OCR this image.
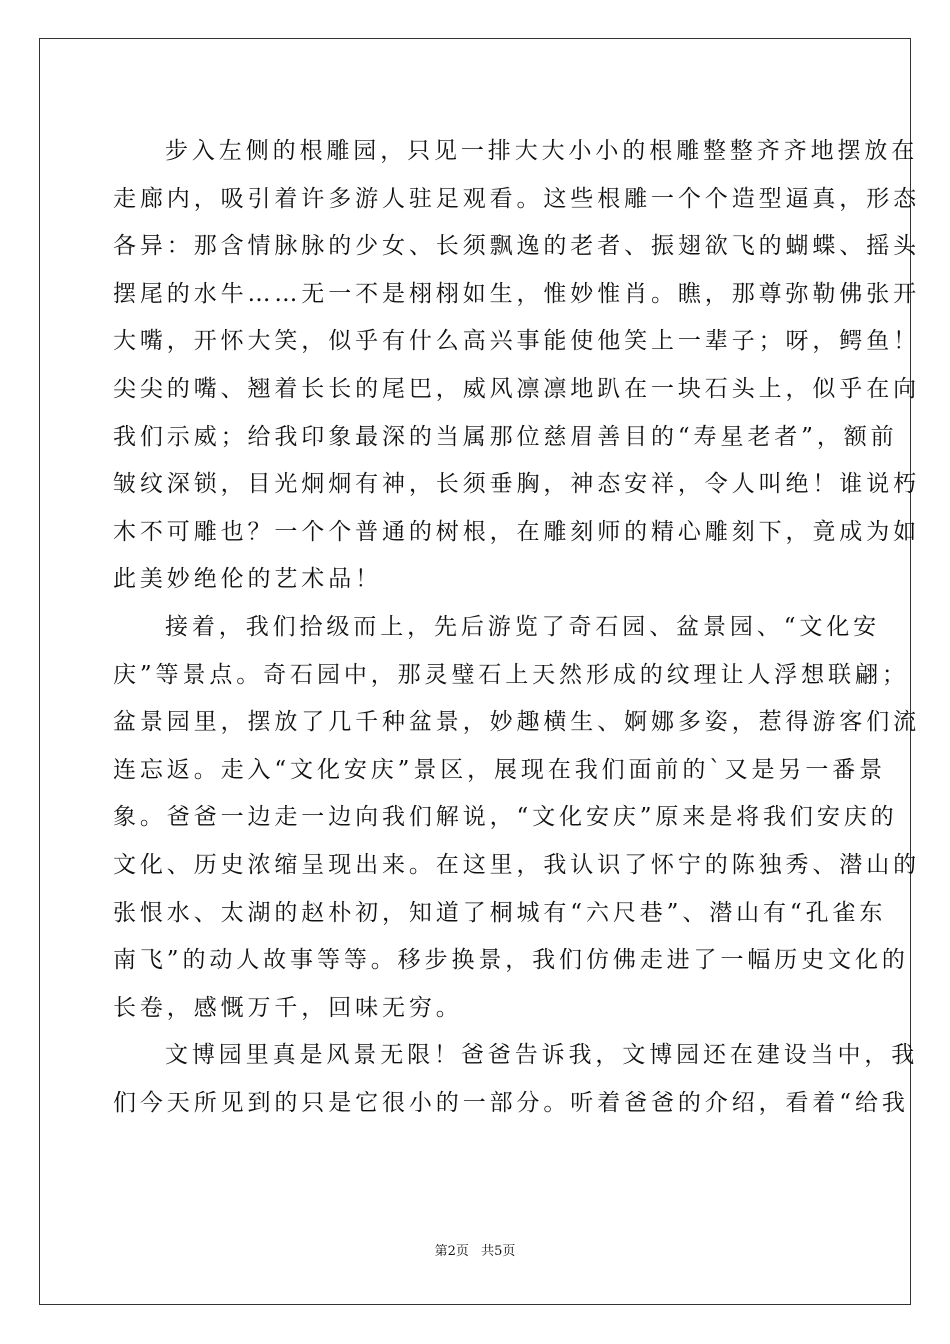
步入左侧的根雕园，只见一排大大小小的根雕整整齐齐地摆放在
走廊内，吸引着许多游人驻足观看。这些根雕一个个造型逼真，形态
各异：那含情脉脉的少女、长须飘逸的老者、振翅欲飞的蝴蝶、摇头
摆尾的水牛……无一不是栩栩如生，惟妙惟肖。瞧，那尊弥勒佛张开
大嘴，开怀大笑，似乎有什么高兴事能使他笑上一辈子；呀，鳄鱼！
尖尖的嘴、翘着长长的尾巴，威风凛凛地趴在一块石头上，似乎在向
我们示威；给我印象最深的当属那位慈眉善目的“寿星老者”，额前
皱纹深锁，目光炯炯有神，长须垂胸，神态安祥，令人叫绝！谁说朽
木不可雕也？一个个普通的树根，在雕刻师的精心雕刻下，竟成为如
此美妙绝伦的艺术品！
接着，我们拾级而上，先后游览了奇石园、盆景园、“文化安
庆”等景点。奇石园中，那灵璧石上天然形成的纹理让人浮想联翩；
盆景园里，摆放了几千种盆景，妙趣横生、婀娜多姿，惹得游客们流
连忘返。走入“文化安庆”景区，展现在我们面前的`又是另一番景
象。爸爸一边走一边向我们解说，“文化安庆”原来是将我们安庆的
文化、历史浓缩呈现出来。在这里，我认识了怀宁的陈独秀、潜山的
张恨水、太湖的赵朴初，知道了桐城有“六尺巷”、潜山有“孔雀东
南飞”的动人故事等等。移步换景，我们仿佛走进了一幅历史文化的
长卷，感慨万千，回味无穷。
文博园里真是风景无限！爸爸告诉我，文博园还在建设当中，我
们今天所见到的只是它很小的一部分。听着爸爸的介绍，看着“给我
第2页 共5页
